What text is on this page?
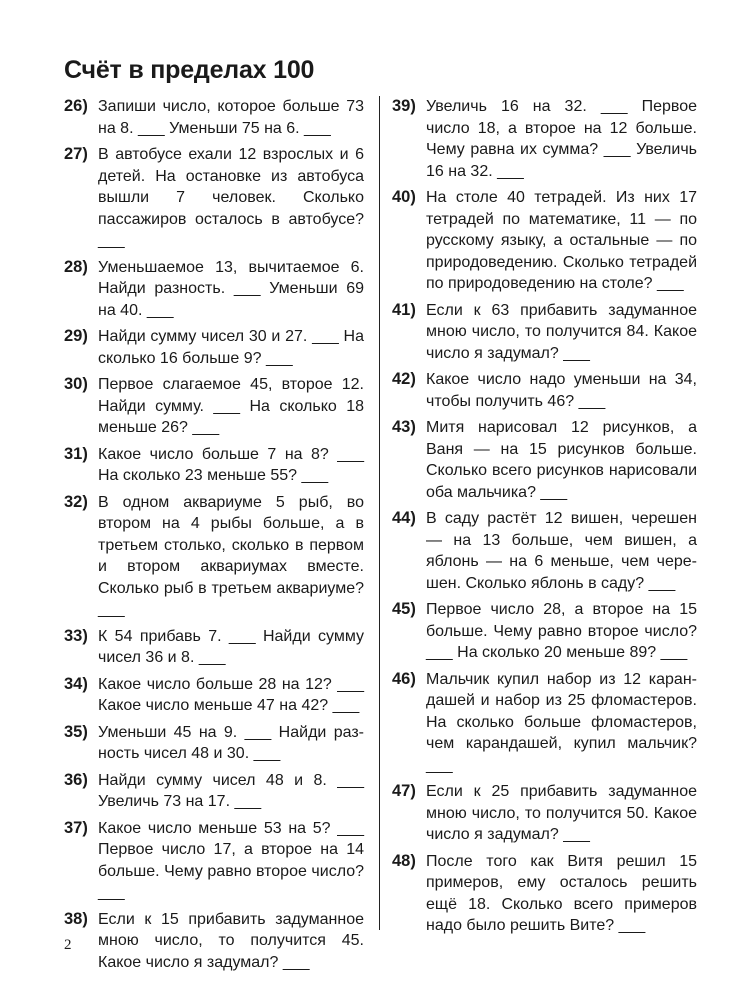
Счёт в пределах 100
26) Запиши число, которое больше 73 на 8. ___ Уменьши 75 на 6. ___
27) В автобусе ехали 12 взрослых и 6 детей. На остановке из автобуса вышли 7 человек. Сколько пассажиров осталось в автобусе? ___
28) Уменьшаемое 13, вычитаемое 6. Найди разность. ___ Уменьши 69 на 40. ___
29) Найди сумму чисел 30 и 27. ___ На сколько 16 больше 9? ___
30) Первое слагаемое 45, второе 12. Найди сумму. ___ На сколько 18 меньше 26? ___
31) Какое число больше 7 на 8? ___ На сколько 23 меньше 55? ___
32) В одном аквариуме 5 рыб, во втором на 4 рыбы больше, а в третьем столько, сколько в первом и втором аквариумах вместе. Сколько рыб в третьем аквариуме? ___
33) К 54 прибавь 7. ___ Найди сумму чисел 36 и 8. ___
34) Какое число больше 28 на 12? ___ Какое число меньше 47 на 42? ___
35) Уменьши 45 на 9. ___ Найди разность чисел 48 и 30. ___
36) Найди сумму чисел 48 и 8. ___ Увеличь 73 на 17. ___
37) Какое число меньше 53 на 5? ___ Первое число 17, а второе на 14 больше. Чему равно второе число? ___
38) Если к 15 прибавить задуманное мною число, то получится 45. Какое число я задумал? ___
39) Увеличь 16 на 32. ___ Первое число 18, а второе на 12 больше. Чему равна их сумма? ___ Увеличь 16 на 32. ___
40) На столе 40 тетрадей. Из них 17 тетрадей по математике, 11 — по русскому языку, а остальные — по природоведению. Сколько тетрадей по природоведению на столе? ___
41) Если к 63 прибавить задуманное мною число, то получится 84. Какое число я задумал? ___
42) Какое число надо уменьши на 34, чтобы получить 46? ___
43) Митя нарисовал 12 рисунков, а Ваня — на 15 рисунков больше. Сколько всего рисунков нарисовали оба мальчика? ___
44) В саду растёт 12 вишен, черешен — на 13 больше, чем вишен, а яблонь — на 6 меньше, чем черешен. Сколько яблонь в саду? ___
45) Первое число 28, а второе на 15 больше. Чему равно второе число? ___ На сколько 20 меньше 89? ___
46) Мальчик купил набор из 12 карандашей и набор из 25 фломастеров. На сколько больше фломастеров, чем карандашей, купил мальчик? ___
47) Если к 25 прибавить задуманное мною число, то получится 50. Какое число я задумал? ___
48) После того как Витя решил 15 примеров, ему осталось решить ещё 18. Сколько всего примеров надо было решить Вите? ___
2
